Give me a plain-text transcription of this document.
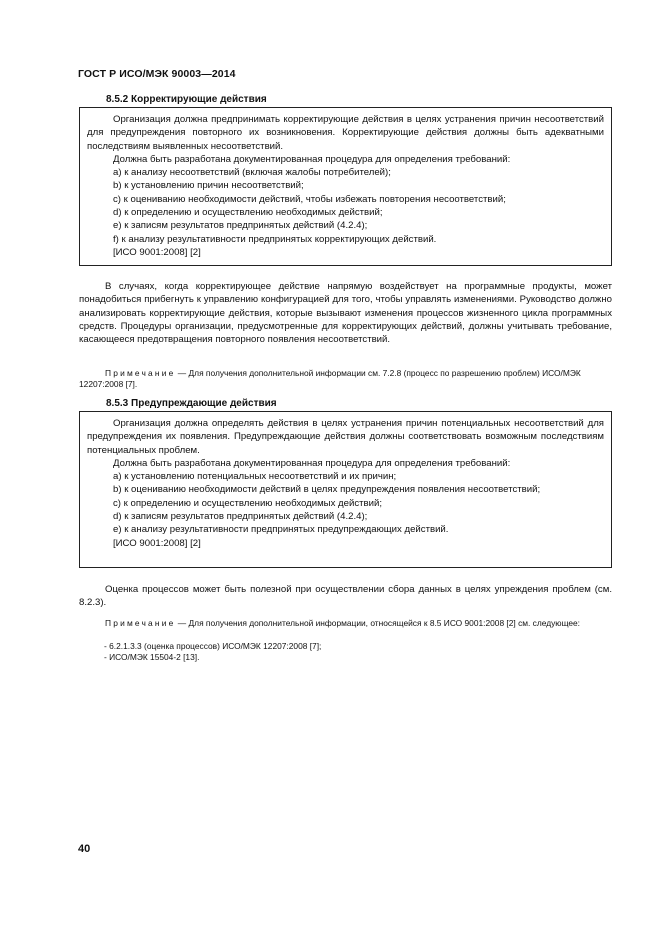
ГОСТ Р ИСО/МЭК 90003—2014
8.5.2 Корректирующие действия

Организация должна предпринимать корректирующие действия в целях устранения причин несоответствий для предупреждения повторного их возникновения. Корректирующие действия должны быть адекватными последствиям выявленных несоответствий.

Должна быть разработана документированная процедура для определения требований:

a) к анализу несоответствий (включая жалобы потребителей);

b) к установлению причин несоответствий;

c) к оцениванию необходимости действий, чтобы избежать повторения несоответствий;

d) к определению и осуществлению необходимых действий;

e) к записям результатов предпринятых действий (4.2.4);

f) к анализу результативности предпринятых корректирующих действий.

[ИСО 9001:2008] [2]

В случаях, когда корректирующее действие напрямую воздействует на программные продукты, может понадобиться прибегнуть к управлению конфигурацией для того, чтобы управлять изменениями. Руководство должно анализировать корректирующие действия, которые вызывают изменения процессов жизненного цикла программных средств. Процедуры организации, предусмотренные для корректирующих действий, должны учитывать требование, касающееся предотвращения повторного появления несоответствий.
Примечание — Для получения дополнительной информации см. 7.2.8 (процесс по разрешению проблем) ИСО/МЭК 12207:2008 [7].
8.5.3 Предупреждающие действия

Организация должна определять действия в целях устранения причин потенциальных несоответствий для предупреждения их появления. Предупреждающие действия должны соответствовать возможным последствиям потенциальных проблем.

Должна быть разработана документированная процедура для определения требований:

a) к установлению потенциальных несоответствий и их причин;

b) к оцениванию необходимости действий в целях предупреждения появления несоответствий;

c) к определению и осуществлению необходимых действий;

d) к записям результатов предпринятых действий (4.2.4);

e) к анализу результативности предпринятых предупреждающих действий.

[ИСО 9001:2008] [2]

Оценка процессов может быть полезной при осуществлении сбора данных в целях упреждения проблем (см. 8.2.3).
Примечание — Для получения дополнительной информации, относящейся к 8.5 ИСО 9001:2008 [2] см. следующее:
- 6.2.1.3.3 (оценка процессов) ИСО/МЭК 12207:2008 [7];
- ИСО/МЭК 15504-2 [13].
40
